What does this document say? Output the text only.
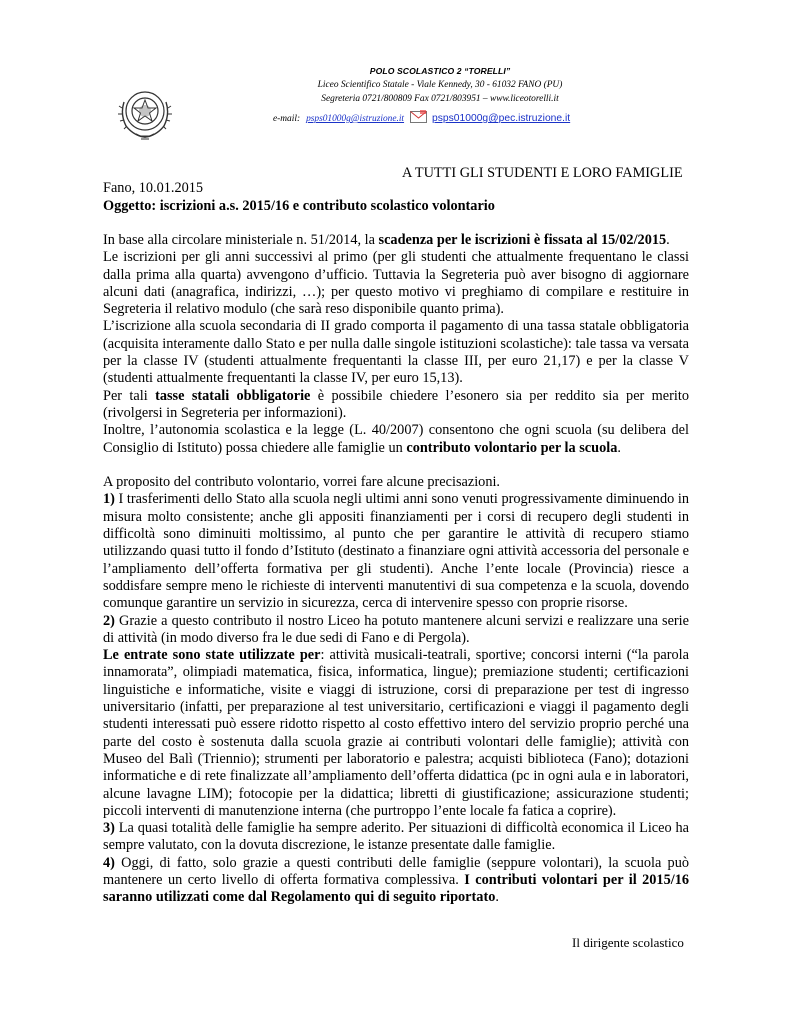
POLO SCOLASTICO 2 “TORELLI”
Liceo Scientifico Statale - Viale Kennedy, 30 - 61032 FANO (PU)
Segreteria 0721/800809 Fax 0721/803951 – www.liceotorelli.it
e-mail: psps01000g@istruzione.it	psps01000g@pec.istruzione.it
A TUTTI GLI STUDENTI E LORO FAMIGLIE
Fano, 10.01.2015
Oggetto: iscrizioni a.s. 2015/16 e contributo scolastico volontario

In base alla circolare ministeriale n. 51/2014, la scadenza per le iscrizioni è fissata al 15/02/2015.

Le iscrizioni per gli anni successivi al primo (per gli studenti che attualmente frequentano le classi dalla prima alla quarta) avvengono d’ufficio. Tuttavia la Segreteria può aver bisogno di aggiornare alcuni dati (anagrafica, indirizzi, …); per questo motivo vi preghiamo di compilare e restituire in Segreteria il relativo modulo (che sarà reso disponibile quanto prima).

L’iscrizione alla scuola secondaria di II grado comporta il pagamento di una tassa statale obbligatoria (acquisita interamente dallo Stato e per nulla dalle singole istituzioni scolastiche): tale tassa va versata per la classe IV (studenti attualmente frequentanti la classe III, per euro 21,17) e per la classe V (studenti attualmente frequentanti la classe IV, per euro 15,13).

Per tali tasse statali obbligatorie è possibile chiedere l’esonero sia per reddito sia per merito (rivolgersi in Segreteria per informazioni).

Inoltre, l’autonomia scolastica e la legge (L. 40/2007) consentono che ogni scuola (su delibera del Consiglio di Istituto) possa chiedere alle famiglie un contributo volontario per la scuola.

A proposito del contributo volontario, vorrei fare alcune precisazioni.

1) I trasferimenti dello Stato alla scuola negli ultimi anni sono venuti progressivamente diminuendo in misura molto consistente; anche gli appositi finanziamenti per i corsi di recupero degli studenti in difficoltà sono diminuiti moltissimo, al punto che per garantire le attività di recupero stiamo utilizzando quasi tutto il fondo d’Istituto (destinato a finanziare ogni attività accessoria del personale e l’ampliamento dell’offerta formativa per gli studenti). Anche l’ente locale (Provincia) riesce a soddisfare sempre meno le richieste di interventi manutentivi di sua competenza e la scuola, dovendo comunque garantire un servizio in sicurezza, cerca di intervenire spesso con proprie risorse.

2) Grazie a questo contributo il nostro Liceo ha potuto mantenere alcuni servizi e realizzare una serie di attività (in modo diverso fra le due sedi di Fano e di Pergola).

Le entrate sono state utilizzate per: attività musicali-teatrali, sportive; concorsi interni (“la parola innamorata”, olimpiadi matematica, fisica, informatica, lingue); premiazione studenti; certificazioni linguistiche e informatiche, visite e viaggi di istruzione, corsi di preparazione per test di ingresso universitario (infatti, per preparazione al test universitario, certificazioni e viaggi il pagamento degli studenti interessati può essere ridotto rispetto al costo effettivo intero del servizio proprio perché una parte del costo è sostenuta dalla scuola grazie ai contributi volontari delle famiglie); attività con Museo del Balì (Triennio); strumenti per laboratorio e palestra; acquisti biblioteca (Fano); dotazioni informatiche e di rete finalizzate all’ampliamento dell’offerta didattica (pc in ogni aula e in laboratori, alcune lavagne LIM); fotocopie per la didattica; libretti di giustificazione; assicurazione studenti; piccoli interventi di manutenzione interna (che purtroppo l’ente locale fa fatica a coprire).

3) La quasi totalità delle famiglie ha sempre aderito. Per situazioni di difficoltà economica il Liceo ha sempre valutato, con la dovuta discrezione, le istanze presentate dalle famiglie.

4) Oggi, di fatto, solo grazie a questi contributi delle famiglie (seppure volontari), la scuola può mantenere un certo livello di offerta formativa complessiva. I contributi volontari per il 2015/16 saranno utilizzati come dal Regolamento qui di seguito riportato.

Il dirigente scolastico
